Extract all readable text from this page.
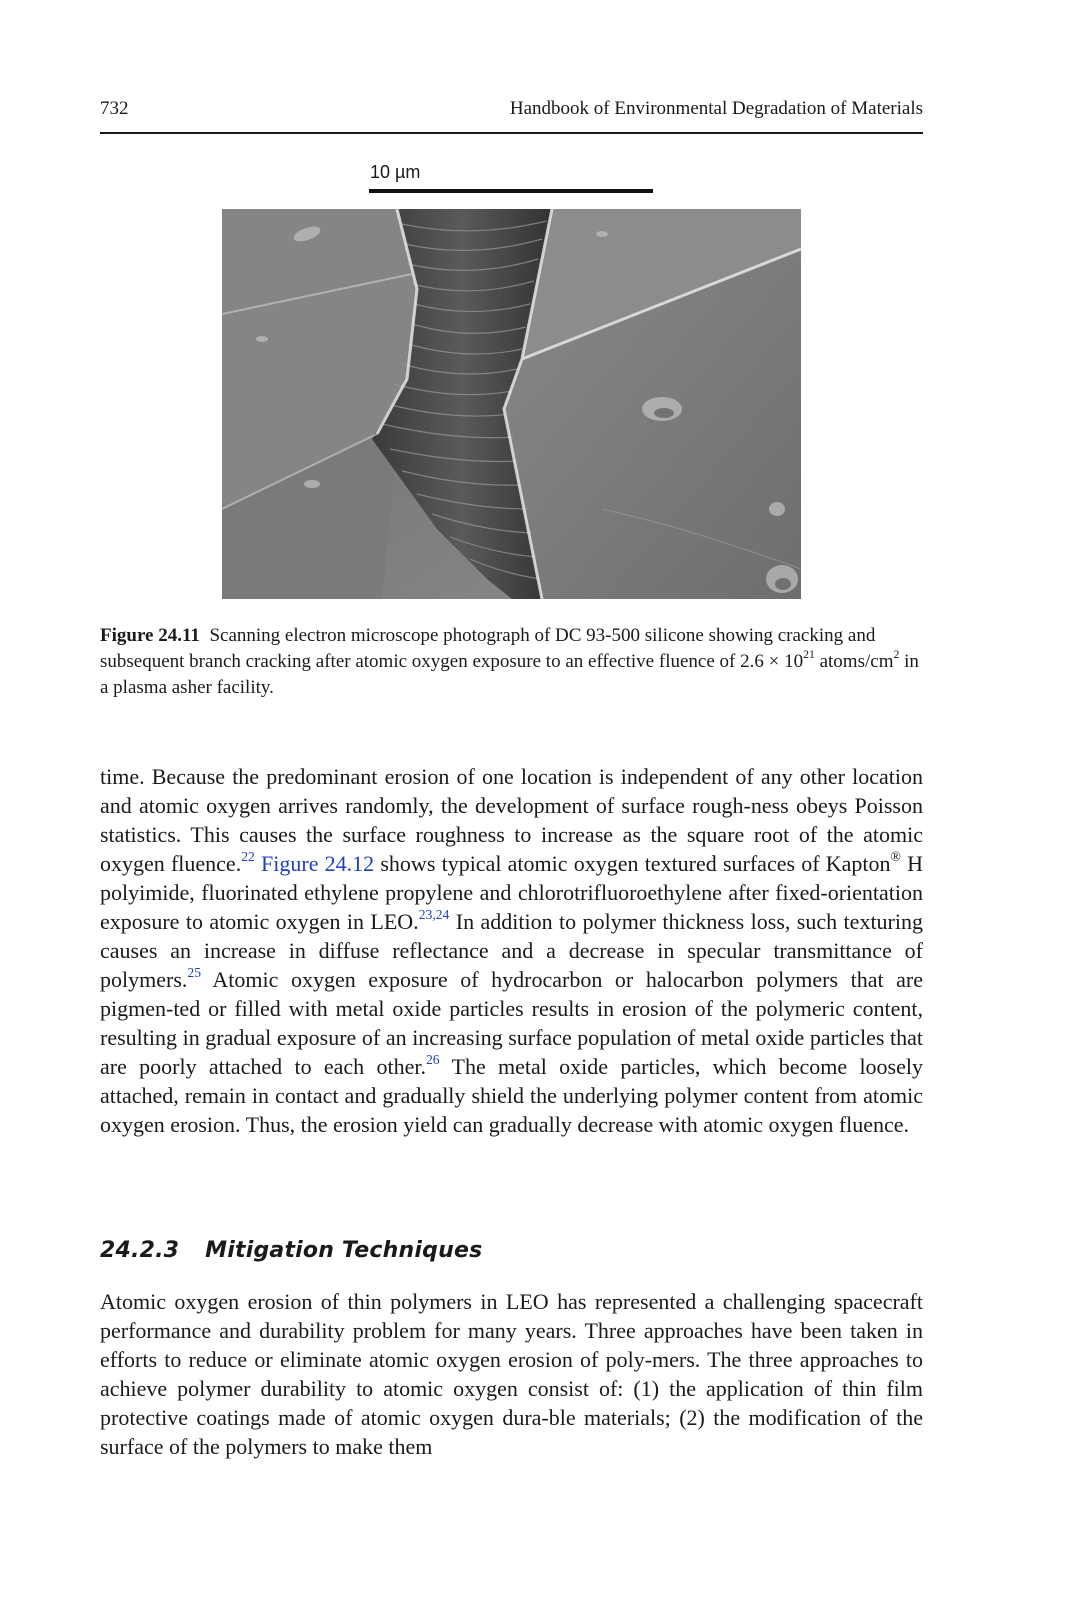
732	Handbook of Environmental Degradation of Materials
10 µm
Figure 24.11 Scanning electron microscope photograph of DC 93-500 silicone showing cracking and subsequent branch cracking after atomic oxygen exposure to an effective fluence of $2.6 \times 10^{21}$ atoms/$cm^2$ in a plasma asher facility.

time. Because the predominant erosion of one location is independent of any other location and atomic oxygen arrives randomly, the development of surface rough-ness obeys Poisson statistics. This causes the surface roughness to increase as the square root of the atomic oxygen fluence.$^{22}$ Figure 24.12 shows typical atomic oxygen textured surfaces of Kapton® H polyimide, fluorinated ethylene propylene and chlorotrifluoroethylene after fixed-orientation exposure to atomic oxygen in LEO.$^{23,24}$ In addition to polymer thickness loss, such texturing causes an increase in diffuse reflectance and a decrease in specular transmittance of polymers.$^{25}$ Atomic oxygen exposure of hydrocarbon or halocarbon polymers that are pigmen-ted or filled with metal oxide particles results in erosion of the polymeric content, resulting in gradual exposure of an increasing surface population of metal oxide particles that are poorly attached to each other.$^{26}$ The metal oxide particles, which become loosely attached, remain in contact and gradually shield the underlying polymer content from atomic oxygen erosion. Thus, the erosion yield can gradually decrease with atomic oxygen fluence.

24.2.3 Mitigation Techniques

Atomic oxygen erosion of thin polymers in LEO has represented a challenging spacecraft performance and durability problem for many years. Three approaches have been taken in efforts to reduce or eliminate atomic oxygen erosion of poly-mers. The three approaches to achieve polymer durability to atomic oxygen consist of: (1) the application of thin film protective coatings made of atomic oxygen dura-ble materials; (2) the modification of the surface of the polymers to make them
